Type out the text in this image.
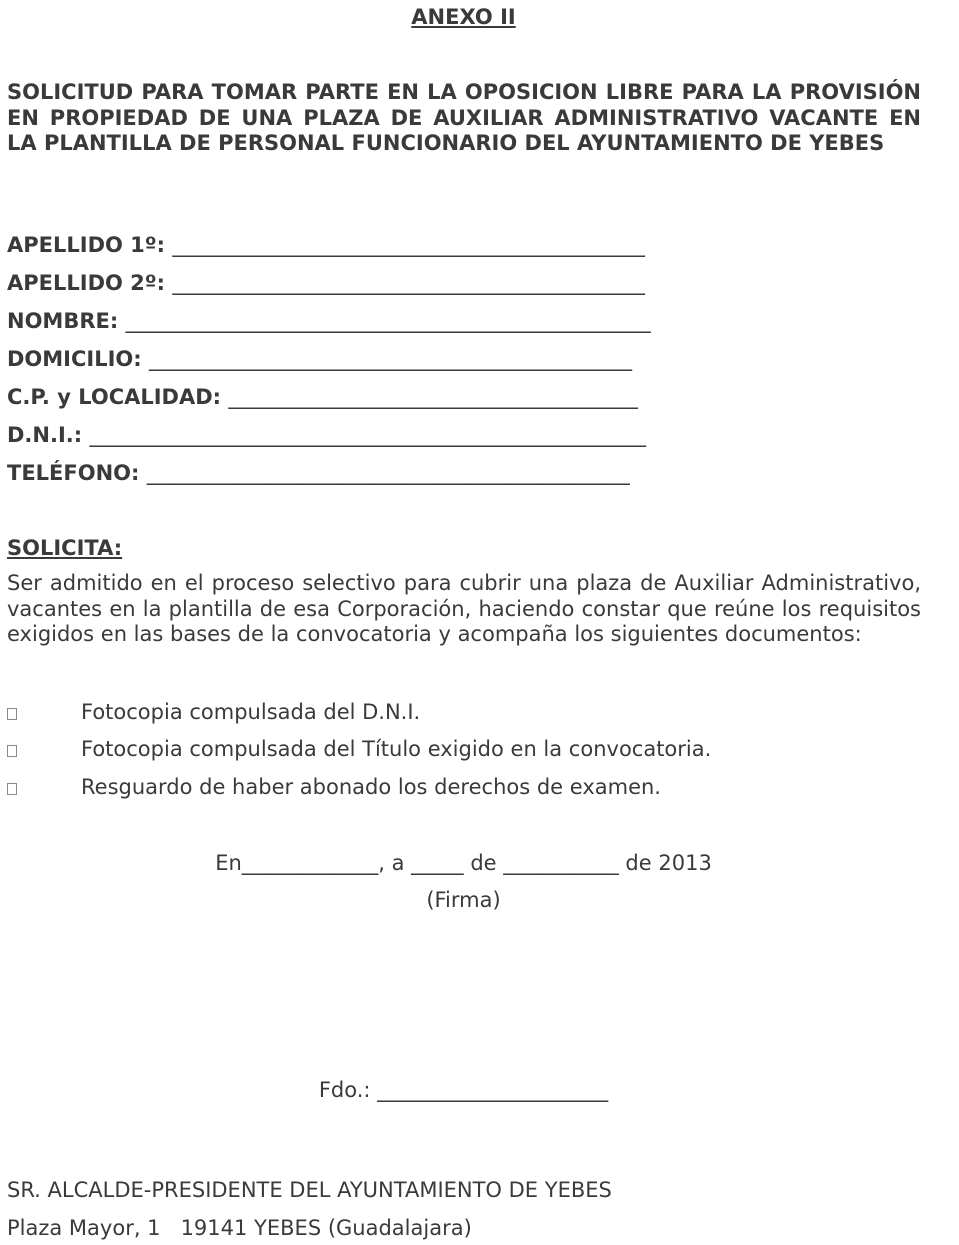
ANEXO II
SOLICITUD PARA TOMAR PARTE EN LA OPOSICION LIBRE PARA LA PROVISIÓN EN PROPIEDAD DE UNA PLAZA DE AUXILIAR ADMINISTRATIVO VACANTE EN LA PLANTILLA DE PERSONAL FUNCIONARIO DEL AYUNTAMIENTO DE YEBES
APELLIDO 1º: _____________________________________________
APELLIDO 2º: _____________________________________________
NOMBRE: __________________________________________________
DOMICILIO: ______________________________________________
C.P. y LOCALIDAD: _______________________________________
D.N.I.: _____________________________________________________
TELÉFONO: ______________________________________________
SOLICITA:
Ser admitido en el proceso selectivo para cubrir una plaza de Auxiliar Administrativo, vacantes en la plantilla de esa Corporación, haciendo constar que reúne los requisitos exigidos en las bases de la convocatoria y acompaña los siguientes documentos:
Fotocopia compulsada del D.N.I.
Fotocopia compulsada del Título exigido en la convocatoria.
Resguardo de haber abonado los derechos de examen.
En_____________, a _____ de ___________ de 2013
(Firma)
Fdo.: ______________________
SR. ALCALDE-PRESIDENTE DEL AYUNTAMIENTO DE YEBES
Plaza Mayor, 1   19141 YEBES (Guadalajara)
